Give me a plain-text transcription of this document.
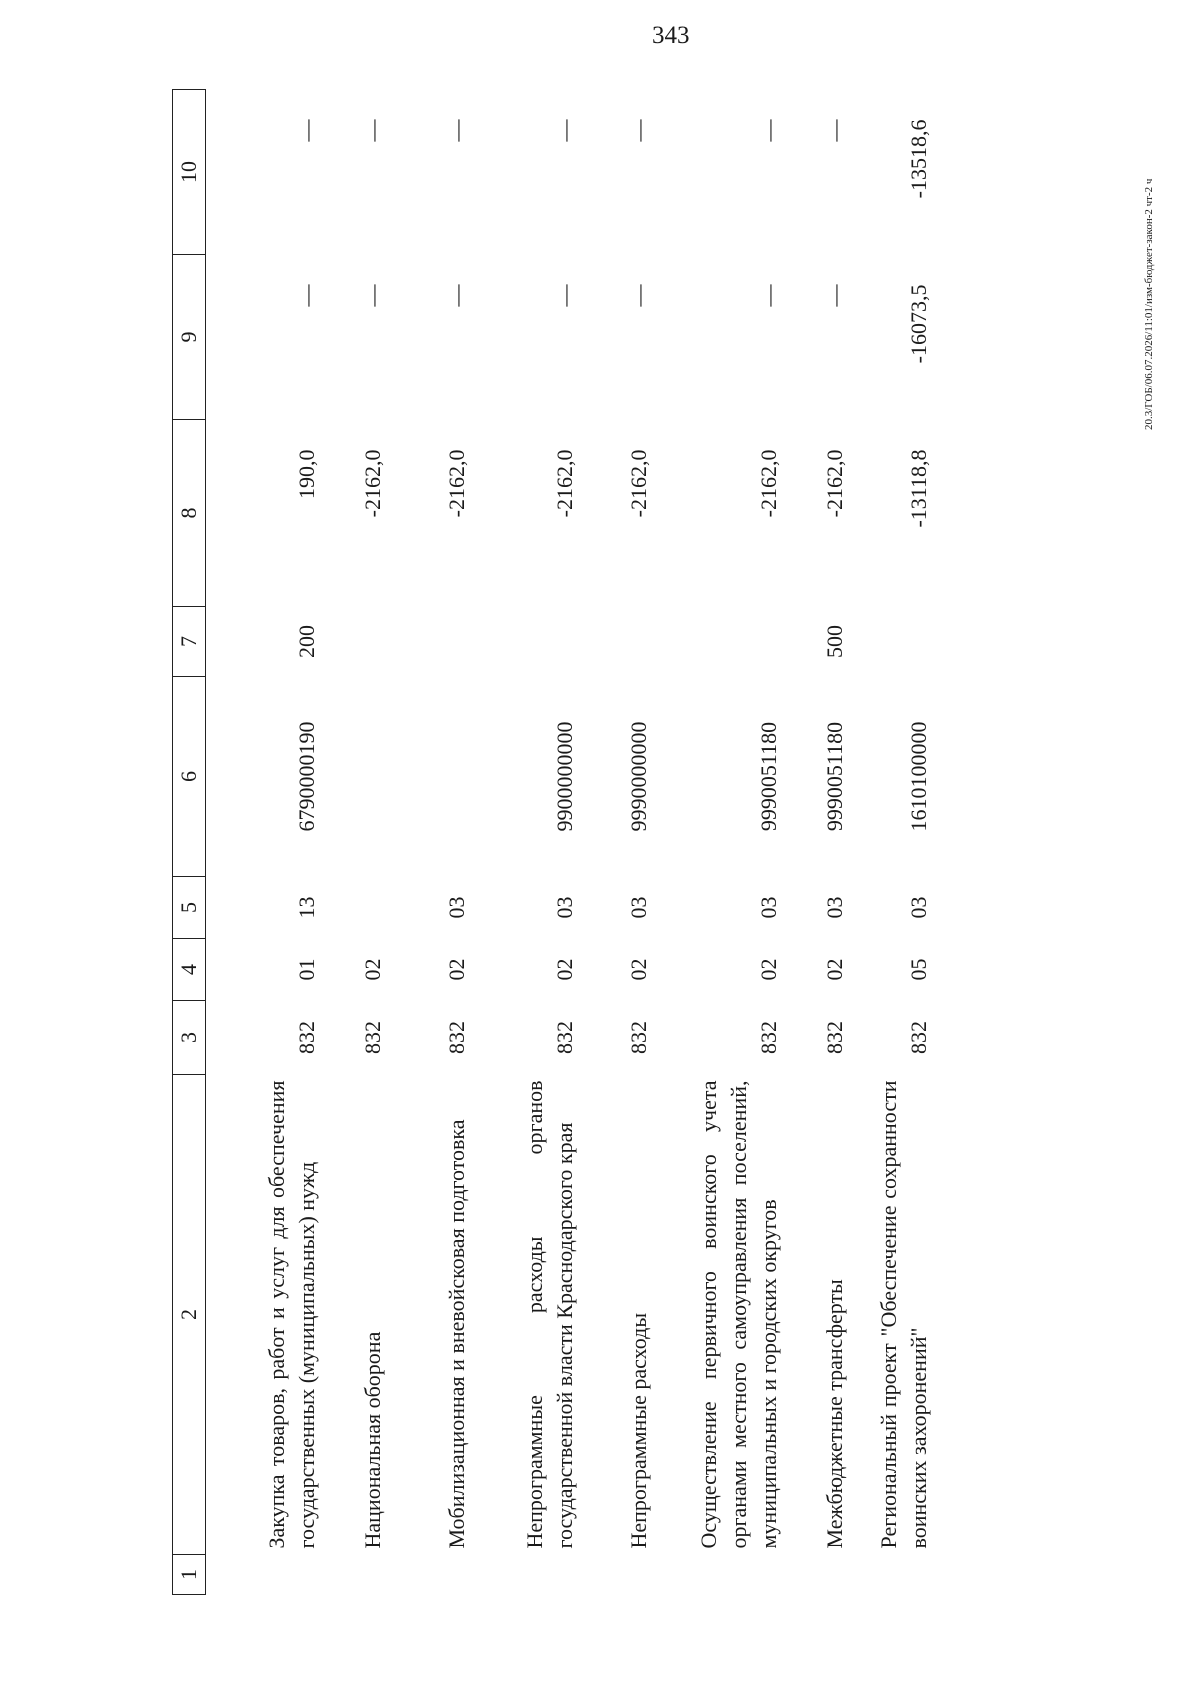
343
20.3/ГОБ/06.07.2026/11:01/изм-бюджет-закон-2 чт-2 ч
1	2	3	4	5	6	7	8	9	10
	Закупка товаров, работ и услуг для обеспечения государственных (муниципальных) нужд	832	01	13	6790000190	200	190,0	—	—
	Национальная оборона	832	02				-2162,0	—	—
	Мобилизационная и вневойсковая подготовка	832	02	03			-2162,0	—	—
	Непрограммные расходы органов государственной власти Краснодарского края	832	02	03	9900000000		-2162,0	—	—
	Непрограммные расходы	832	02	03	9990000000		-2162,0	—	—
	Осуществление первичного воинского учета органами местного самоуправления поселений, муниципальных и городских округов	832	02	03	9990051180		-2162,0	—	—
	Межбюджетные трансферты	832	02	03	9990051180	500	-2162,0	—	—
	Региональный проект "Обеспечение сохранности воинских захоронений"	832	05	03	1610100000		-13118,8	-16073,5	-13518,6
